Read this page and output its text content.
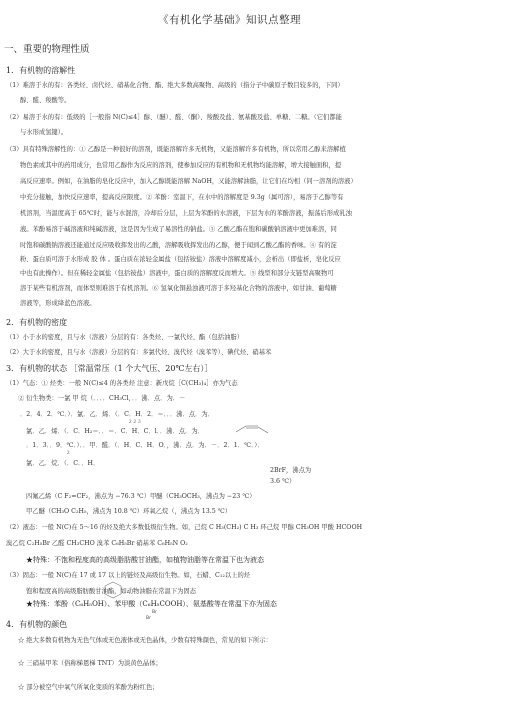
《有机化学基础》知识点整理
一、重要的物理性质
1．有机物的溶解性
（1）难溶于水的有：各类烃、卤代烃、硝基化合物、酯、绝大多数高聚物、高级的（指分子中碳原子数目较多的，下同）
醇、醛、羧酸等。
（2）易溶于水的有：低级的［一般指 N(C)≤4］醇、（醚）、醛、（酮）、羧酸及盐、氨基酸及盐、单糖、二糖。（它们都能
与水形成氢键）。
（3）具有特殊溶解性的：① 乙醇是一种很好的溶剂，既能溶解许多无机物，又能溶解许多有机物，所以常用乙醇来溶解植
物色素或其中的药用成分，也常用乙醇作为反应的溶剂，使参加反应的有机物和无机物均能溶解，增大接触面积，提
高反应速率。例如，在油脂的皂化反应中，加入乙醇既能溶解 NaOH，又能溶解油脂，让它们在均相（同一溶剂的溶液）
中充分接触，加快反应速率，提高反应限度。② 苯酚：室温下，在水中的溶解度是 9.3g（属可溶），易溶于乙醇等有
机溶剂，当温度高于 65℃时，能与水混溶，冷却后分层，上层为苯酚的水溶液，下层为水的苯酚溶液，振荡后形成乳浊
液。苯酚易溶于碱溶液和纯碱溶液，这是因为生成了易溶性的钠盐。③ 乙酸乙酯在饱和碳酸钠溶液中更加难溶，同
时饱和碳酸钠溶液还能通过反应吸收挥发出的乙酸，溶解吸收挥发出的乙醇，便于闻到乙酸乙酯的香味。④ 有的淀
粉、蛋白质可溶于水形成 胶 体 。蛋白质在浓轻金属盐（包括铵盐）溶液中溶解度减小，会析出（即盐析，皂化反应
中也有此操作）。但在稀轻金属盐（包括铵盐）溶液中，蛋白质的溶解度反而增大。⑤ 线型和部分支链型高聚物可
溶于某些有机溶剂，而体型则难溶于有机溶剂。⑥ 氢氧化铜悬浊液可溶于多羟基化合物的溶液中，如甘油、葡萄糖
溶液等，形成绛蓝色溶液。
2．有机物的密度
（1）小于水的密度，且与水（溶液）分层的有：各类烃、一氯代烃、酯（包括油脂）
（2）大于水的密度，且与水（溶液）分层的有：多氯代烃、溴代烃（溴苯等）、碘代烃、硝基苯
3．有机物的状态 ［常温常压（1 个大气压、20℃左右）］
（1）气态：① 烃类：一般 N(C)≤4 的各类烃 注意：新戊烷［C(CH₃)₄］亦为气态
② 衍生物类：一氯 甲 烷（．．．．CH₃Cl，．．沸．点．为．－
．2．4．2．℃．）．氯．乙．烯．（．C．H．2．＝．．．沸．点．为．
２２３
氯．乙．烯．（．C．H₂＝．．＝．C．H．C．l．．沸．点．为．
．1．3．．9．℃．）．．甲．醛．（．H．C．H．O．，沸．点．为．－．2．1．℃．）．
２
氯．乙．烷．（．C．．H．
2BrF，沸点为
3.6 ℃）
四氟乙烯（C F₂=CF₂，沸点为 −76.3 ℃）甲醚（CH₃OCH₃，沸点为 −23 ℃）
甲乙醚（CH₃O C₂H₅，沸点为 10.8 ℃）环氧乙烷（，沸点为 13.5 ℃）
（2）液态：一般 N(C)在 5～16 的烃及绝大多数低级衍生物。如，己烷 C H₃(CH₂) C H₃ 环己烷 甲醇 CH₃OH 甲酸 HCOOH
溴乙烷 C₂H₅Br 乙醛 CH₃CHO 溴苯 C₆H₅Br 硝基苯 C₆H₅N O₂
★特殊：不饱和程度高的高级脂肪酸甘油酯，如植物油脂等在常温下也为液态
（3）固态：一般 N(C)在 17 或 17 以上的链烃及高级衍生物。如，石蜡、C₁₂以上的烃
饱和程度高的高级脂肪酸甘油酯，如动物油脂在常温下为固态
★特殊：苯酚（C₆H₅OH）、苯甲酸（C₆H₅COOH）、氨基酸等在常温下亦为固态
Br
Br
4．有机物的颜色
☆ 绝大多数有机物为无色气体或无色液体或无色晶体，少数有特殊颜色，常见的如下所示：
☆ 三硝基甲苯（俗称梯恩梯 TNT）为淡黄色晶体；
☆ 部分被空气中氧气所氧化变质的苯酚为粉红色；
